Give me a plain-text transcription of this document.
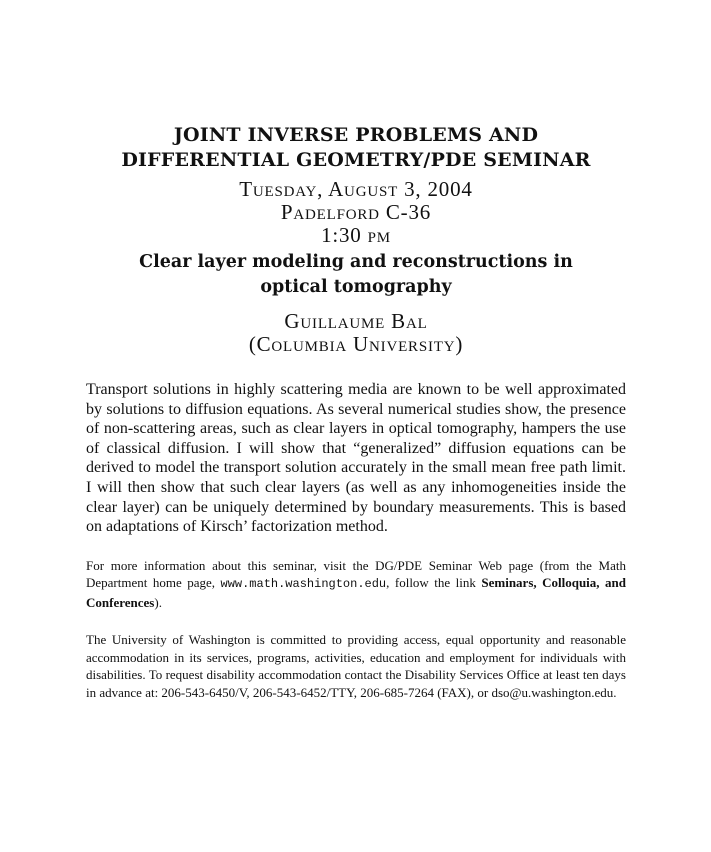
JOINT INVERSE PROBLEMS AND

DIFFERENTIAL GEOMETRY/PDE SEMINAR

Tuesday, August 3, 2004

Padelford C-36

1:30 pm

Clear layer modeling and reconstructions in

optical tomography

Guillaume Bal

(Columbia University)

Transport solutions in highly scattering media are known to be well approximated by solutions to diffusion equations. As several numerical studies show, the presence of non-scattering areas, such as clear layers in optical tomography, hampers the use of classical diffusion. I will show that “generalized” diffusion equations can be derived to model the transport solution accurately in the small mean free path limit. I will then show that such clear layers (as well as any inhomogeneities inside the clear layer) can be uniquely determined by boundary measurements. This is based on adaptations of Kirsch’ factorization method.

For more information about this seminar, visit the DG/PDE Seminar Web page (from the Math Department home page, www.math.washington.edu, follow the link Seminars, Colloquia, and Conferences).

The University of Washington is committed to providing access, equal opportunity and reasonable accommodation in its services, programs, activities, education and employment for individuals with disabilities. To request disability accommodation contact the Disability Services Office at least ten days in advance at: 206-543-6450/V, 206-543-6452/TTY, 206-685-7264 (FAX), or dso@u.washington.edu.
